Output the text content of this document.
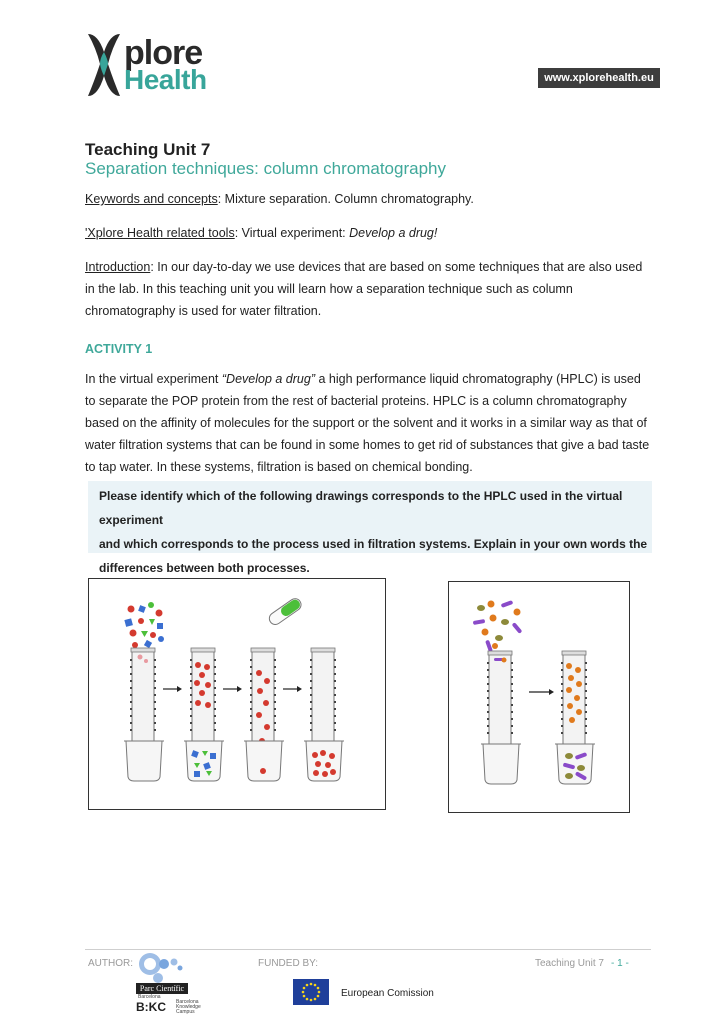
plore
Health	www.xplorehealth.eu
Teaching Unit 7
Separation techniques: column chromatography
Keywords and concepts: Mixture separation. Column chromatography.
'Xplore Health related tools: Virtual experiment: Develop a drug!
Introduction: In our day-to-day we use devices that are based on some techniques that are also used
in the lab. In this teaching unit you will learn how a separation technique such as column
chromatography is used for water filtration.
ACTIVITY 1
In the virtual experiment “Develop a drug” a high performance liquid chromatography (HPLC) is used
to separate the POP protein from the rest of bacterial proteins. HPLC is a column chromatography
based on the affinity of molecules for the support or the solvent and it works in a similar way as that of
water filtration systems that can be found in some homes to get rid of substances that give a bad taste
to tap water. In these systems, filtration is based on chemical bonding.
Please identify which of the following drawings corresponds to the HPLC used in the virtual experiment
and which corresponds to the process used in filtration systems. Explain in your own words the
differences between both processes.
AUTHOR:
Parc Científic
Barcelona
B:KC Barcelona
Knowledge
Campus
FUNDED BY:
European Comission
Teaching Unit 7 - 1 -
